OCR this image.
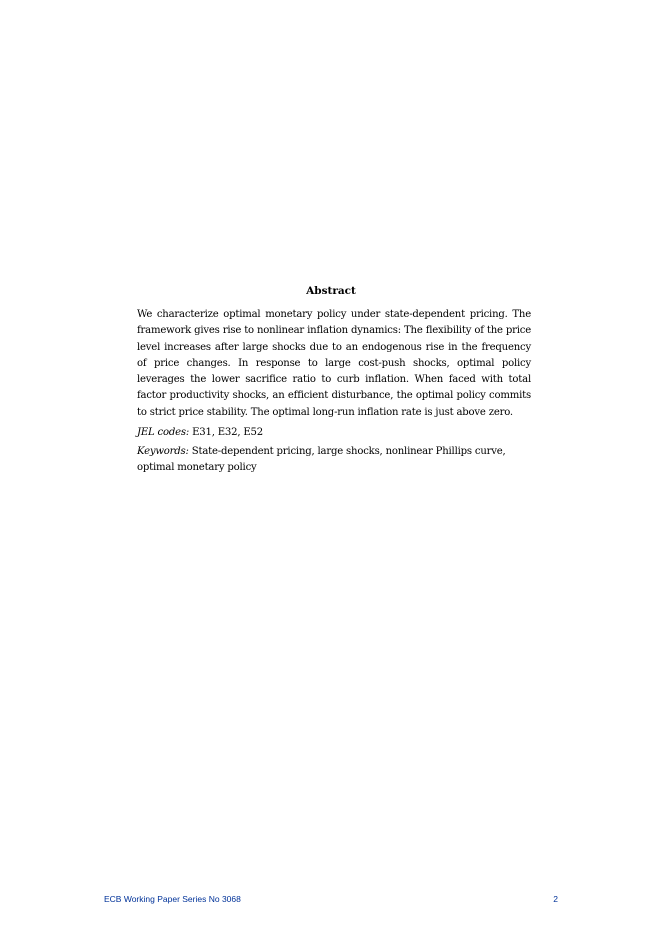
Abstract

We characterize optimal monetary policy under state-dependent pricing. The framework gives rise to nonlinear inflation dynamics: The flexibility of the price level increases after large shocks due to an endogenous rise in the frequency of price changes. In response to large cost-push shocks, optimal policy leverages the lower sacrifice ratio to curb inflation. When faced with total factor productivity shocks, an efficient disturbance, the optimal policy commits to strict price stability. The optimal long-run inflation rate is just above zero.

JEL codes: E31, E32, E52

Keywords: State-dependent pricing, large shocks, nonlinear Phillips curve, optimal monetary policy

ECB Working Paper Series No 3068	2
